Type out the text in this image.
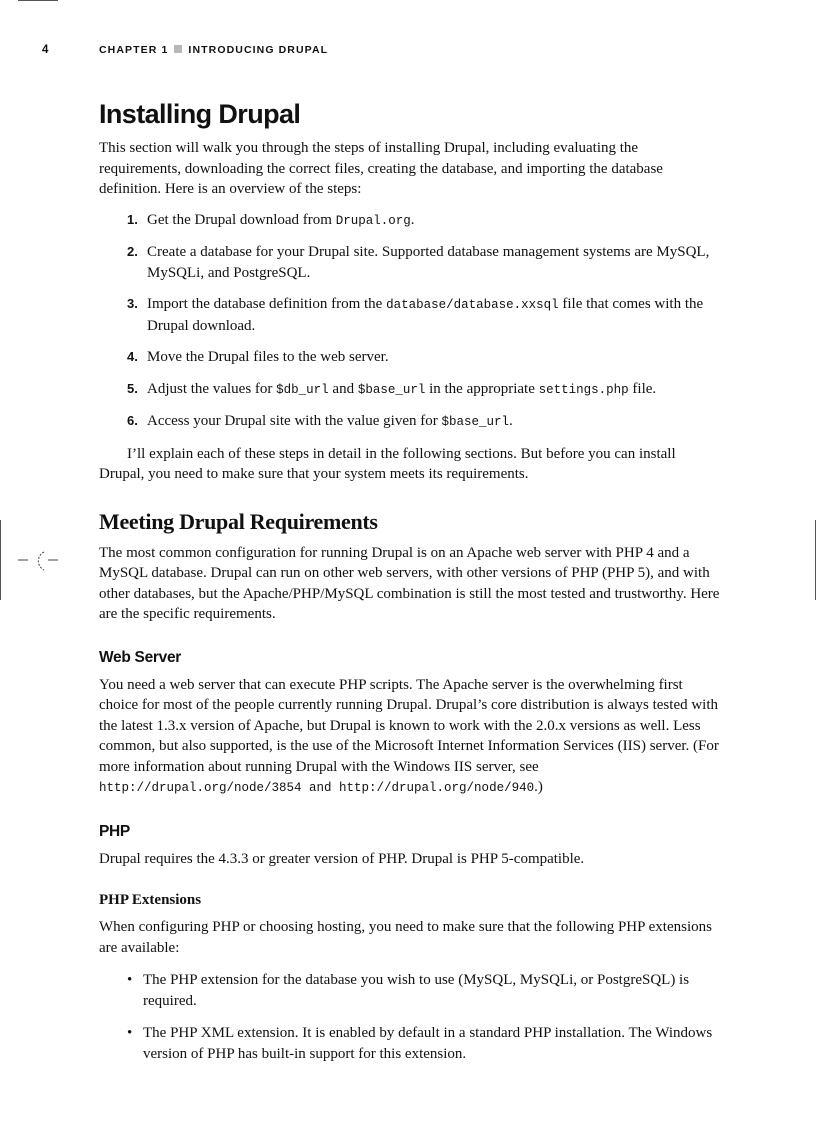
4	CHAPTER 1 INTRODUCING DRUPAL
Installing Drupal

This section will walk you through the steps of installing Drupal, including evaluating the requirements, downloading the correct files, creating the database, and importing the database definition. Here is an overview of the steps:

1. Get the Drupal download from Drupal.org.
2. Create a database for your Drupal site. Supported database management systems are MySQL, MySQLi, and PostgreSQL.
3. Import the database definition from the database/database.xxsql file that comes with the Drupal download.
4. Move the Drupal files to the web server.
5. Adjust the values for $db_url and $base_url in the appropriate settings.php file.
6. Access your Drupal site with the value given for $base_url.

I’ll explain each of these steps in detail in the following sections. But before you can install Drupal, you need to make sure that your system meets its requirements.

Meeting Drupal Requirements

The most common configuration for running Drupal is on an Apache web server with PHP 4 and a MySQL database. Drupal can run on other web servers, with other versions of PHP (PHP 5), and with other databases, but the Apache/PHP/MySQL combination is still the most tested and trustworthy. Here are the specific requirements.

Web Server

You need a web server that can execute PHP scripts. The Apache server is the overwhelming first choice for most of the people currently running Drupal. Drupal’s core distribution is always tested with the latest 1.3.x version of Apache, but Drupal is known to work with the 2.0.x versions as well. Less common, but also supported, is the use of the Microsoft Internet Information Services (IIS) server. (For more information about running Drupal with the Windows IIS server, see http://drupal.org/node/3854 and http://drupal.org/node/940.)

PHP

Drupal requires the 4.3.3 or greater version of PHP. Drupal is PHP 5-compatible.

PHP Extensions

When configuring PHP or choosing hosting, you need to make sure that the following PHP extensions are available:

• The PHP extension for the database you wish to use (MySQL, MySQLi, or PostgreSQL) is required.
• The PHP XML extension. It is enabled by default in a standard PHP installation. The Windows version of PHP has built-in support for this extension.
